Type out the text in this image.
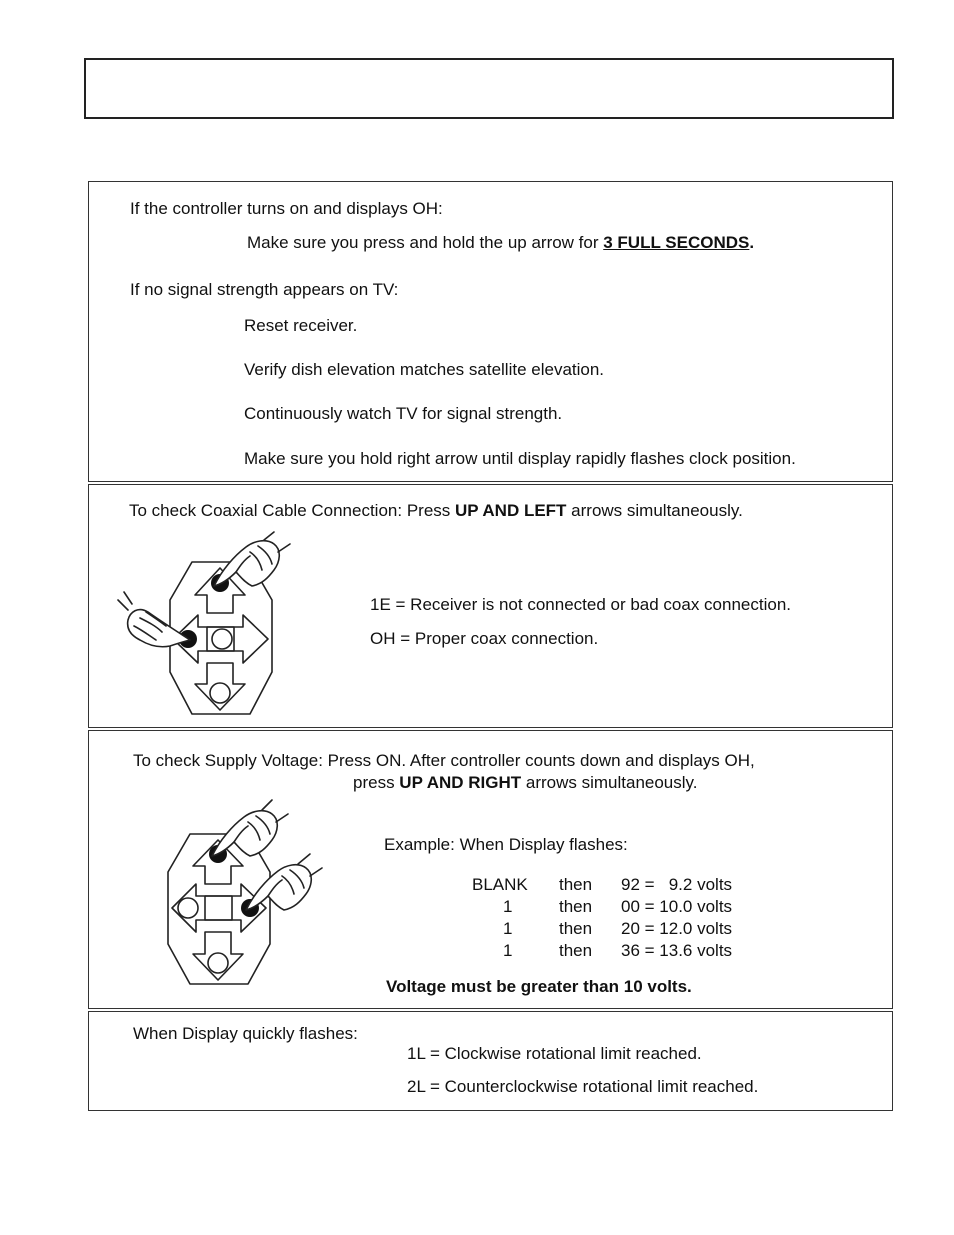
If the controller turns on and displays OH:
Make sure you press and hold the up arrow for 3 FULL SECONDS.
If no signal strength appears on TV:
Reset receiver.
Verify dish elevation matches satellite elevation.
Continuously watch TV for signal strength.
Make sure you hold right arrow until display rapidly flashes clock position.
To check Coaxial Cable Connection: Press UP AND LEFT arrows simultaneously.
1E = Receiver is not connected or bad coax connection.
OH = Proper coax connection.
To check Supply Voltage: Press ON. After controller counts down and displays OH,
press UP AND RIGHT arrows simultaneously.
Example: When Display flashes:
BLANK then 92 =   9.2 volts
1	then 00 = 10.0 volts
1	then 20 = 12.0 volts
1	then 36 = 13.6 volts
Voltage must be greater than 10 volts.
When Display quickly flashes:
1L = Clockwise rotational limit reached.
2L = Counterclockwise rotational limit reached.
